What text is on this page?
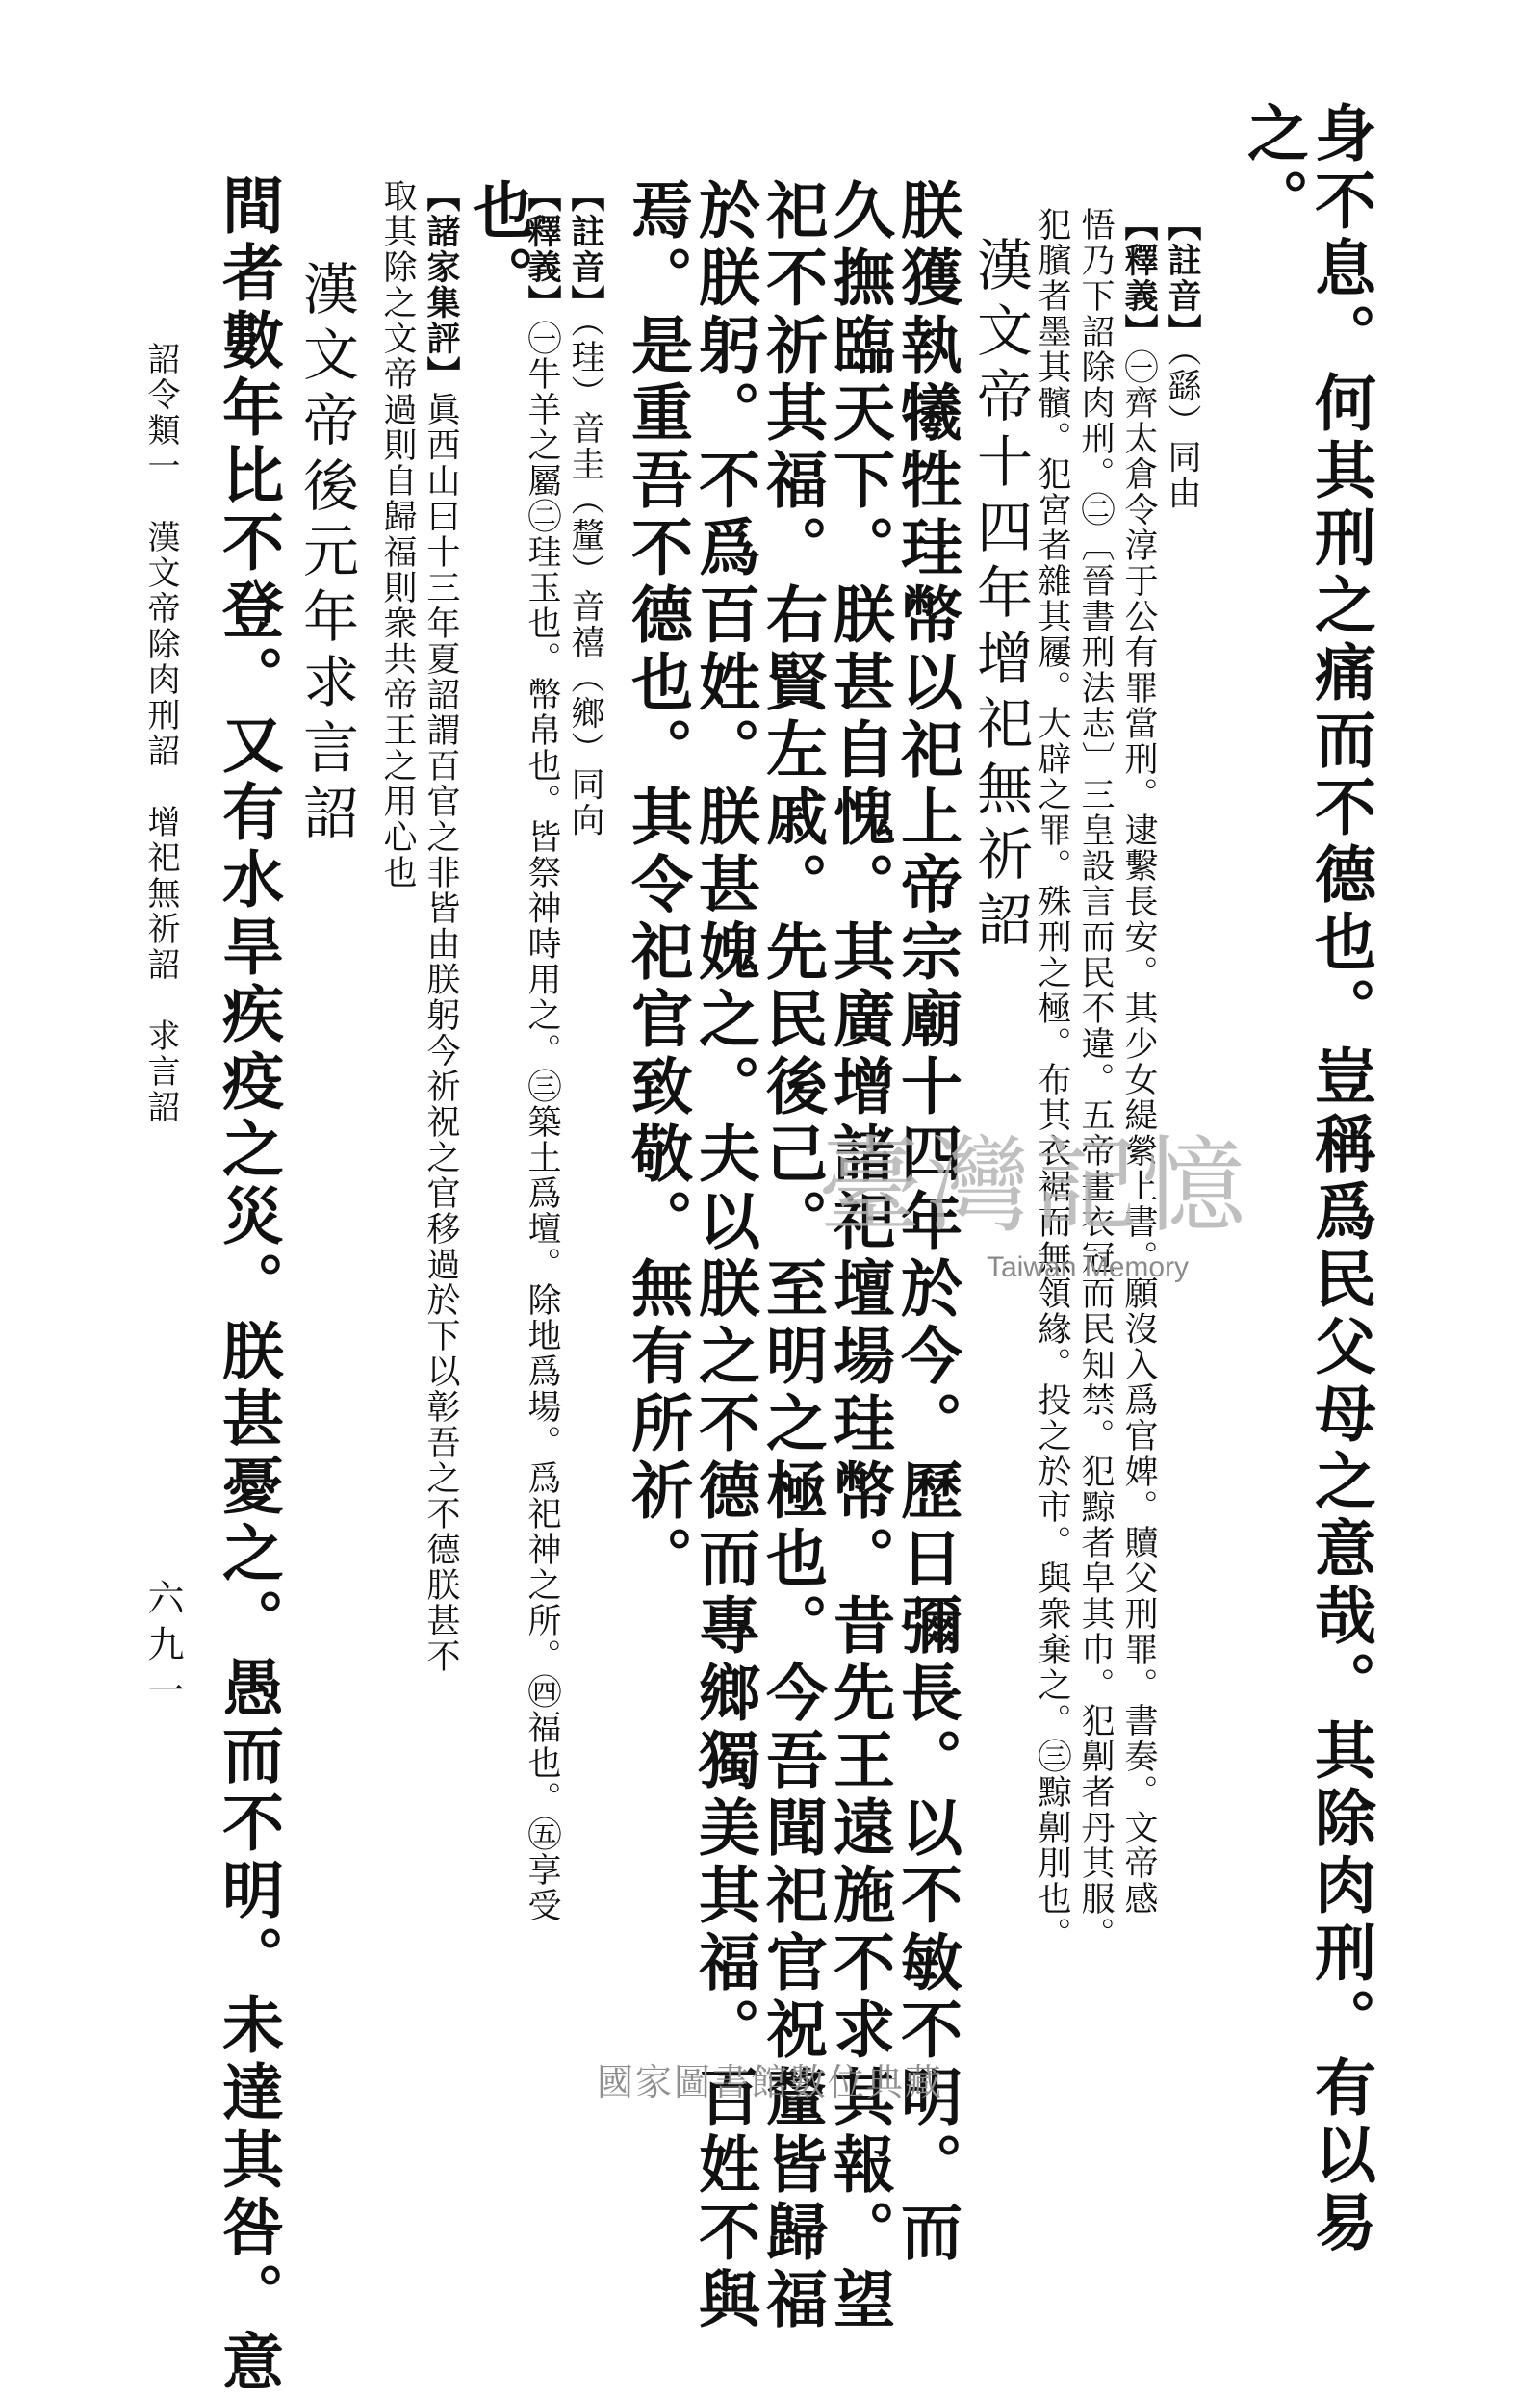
身不息。何其刑之痛而不德也。豈稱爲民父母之意哉。其除肉刑。有以易
之。
【註音】（繇）同由
【釋義】㊀齊太倉令淳于公有罪當刑。逮繫長安。其少女緹縈上書。願沒入爲官婢。贖父刑罪。書奏。文帝感
悟乃下詔除肉刑。㊁〔晉書刑法志〕三皇設言而民不違。五帝畫衣冠而民知禁。犯黥者皁其巾。犯劓者丹其服。
犯臏者墨其髕。犯宮者雜其屨。大辟之罪。殊刑之極。布其衣裾而無領緣。投之於市。與衆棄之。㊂黥劓刖也。
漢文帝十四年增祀無祈詔
朕獲執犧牲珪幣以祀上帝宗廟十四年於今。歷日彌長。以不敏不明。而
久撫臨天下。朕甚自愧。其廣增諸祀壇場珪幣。昔先王遠施不求其報。望
祀不祈其福。右賢左戚。先民後己。至明之極也。今吾聞祀官祝釐皆歸福
於朕躬。不爲百姓。朕甚媿之。夫以朕之不德而專鄉獨美其福。百姓不與
焉。是重吾不德也。其令祀官致敬。無有所祈。
【註音】（珪）音圭（釐）音禧（鄉）同向
【釋義】㊀牛羊之屬㊁珪玉也。幣帛也。皆祭神時用之。㊂築土爲壇。除地爲場。爲祀神之所。㊃福也。㊄享受
也。
【諸家集評】眞西山曰十三年夏詔謂百官之非皆由朕躬今祈祝之官移過於下以彰吾之不德朕甚不
取其除之文帝過則自歸福則衆共帝王之用心也
漢文帝後元年求言詔
間者數年比不登。又有水旱疾疫之災。朕甚憂之。愚而不明。未達其咎。意
詔令類一　漢文帝除肉刑詔　增祀無祈詔　求言詔
六九一
臺灣記憶
Taiwan Memory
國家圖書館數位典藏
